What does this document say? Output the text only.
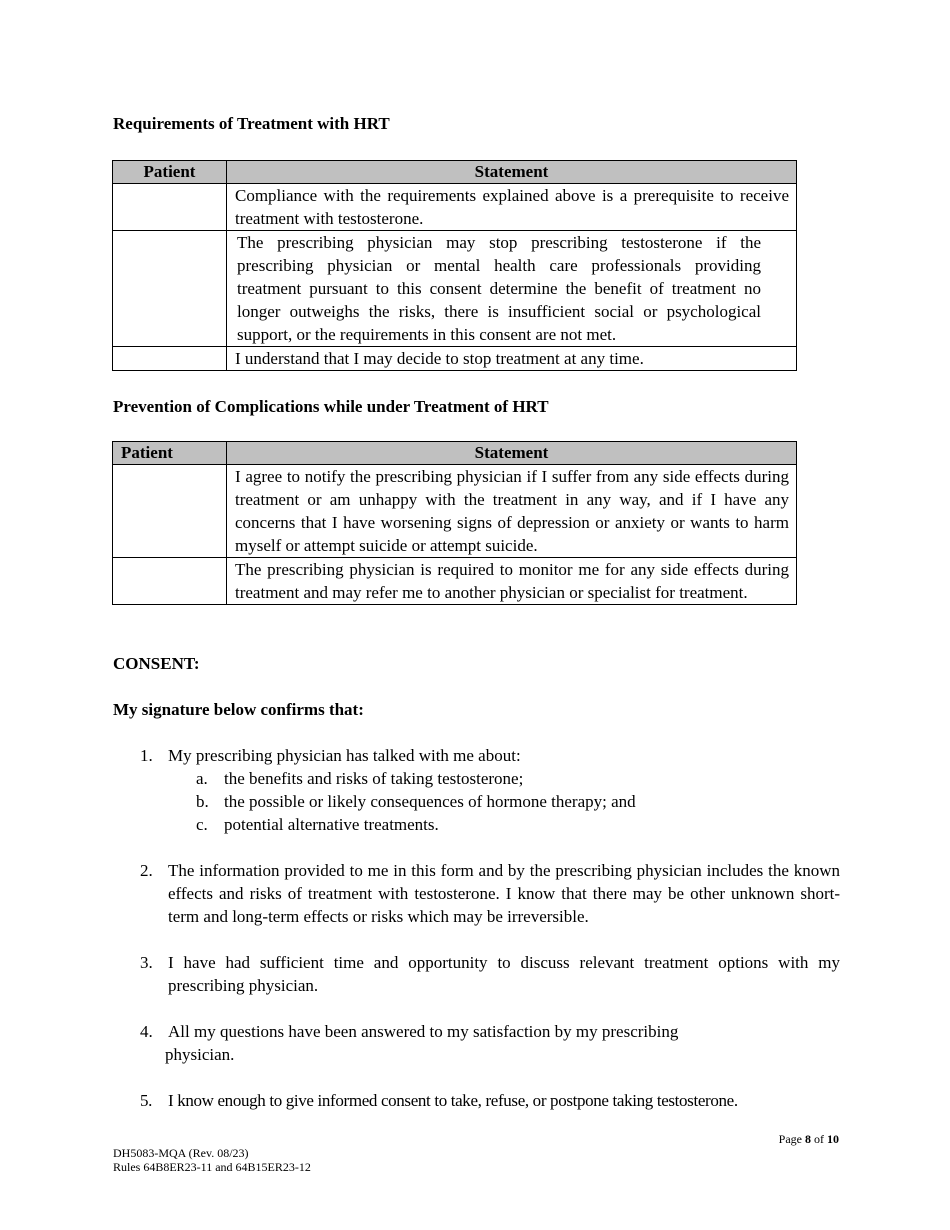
Requirements of Treatment with HRT
Patient	Statement
	Compliance with the requirements explained above is a prerequisite to receive treatment with testosterone.
	The prescribing physician may stop prescribing testosterone if the prescribing physician or mental health care professionals providing treatment pursuant to this consent determine the benefit of treatment no longer outweighs the risks, there is insufficient social or psychological support, or the requirements in this consent are not met.
	I understand that I may decide to stop treatment at any time.
Prevention of Complications while under Treatment of HRT
Patient	Statement
	I agree to notify the prescribing physician if I suffer from any side effects during treatment or am unhappy with the treatment in any way, and if I have any concerns that I have worsening signs of depression or anxiety or wants to harm myself or attempt suicide or attempt suicide.
	The prescribing physician is required to monitor me for any side effects during treatment and may refer me to another physician or specialist for treatment.
CONSENT:
My signature below confirms that:
1. My prescribing physician has talked with me about:
a. the benefits and risks of taking testosterone;
b. the possible or likely consequences of hormone therapy; and
c. potential alternative treatments.
2. The information provided to me in this form and by the prescribing physician includes the known effects and risks of treatment with testosterone. I know that there may be other unknown short-term and long-term effects or risks which may be irreversible.
3. I have had sufficient time and opportunity to discuss relevant treatment options with my prescribing physician.
4. All my questions have been answered to my satisfaction by my prescribing
physician.
5. I know enough to give informed consent to take, refuse, or postpone taking testosterone.
Page 8 of 10
DH5083-MQA (Rev. 08/23)
Rules 64B8ER23-11 and 64B15ER23-12
